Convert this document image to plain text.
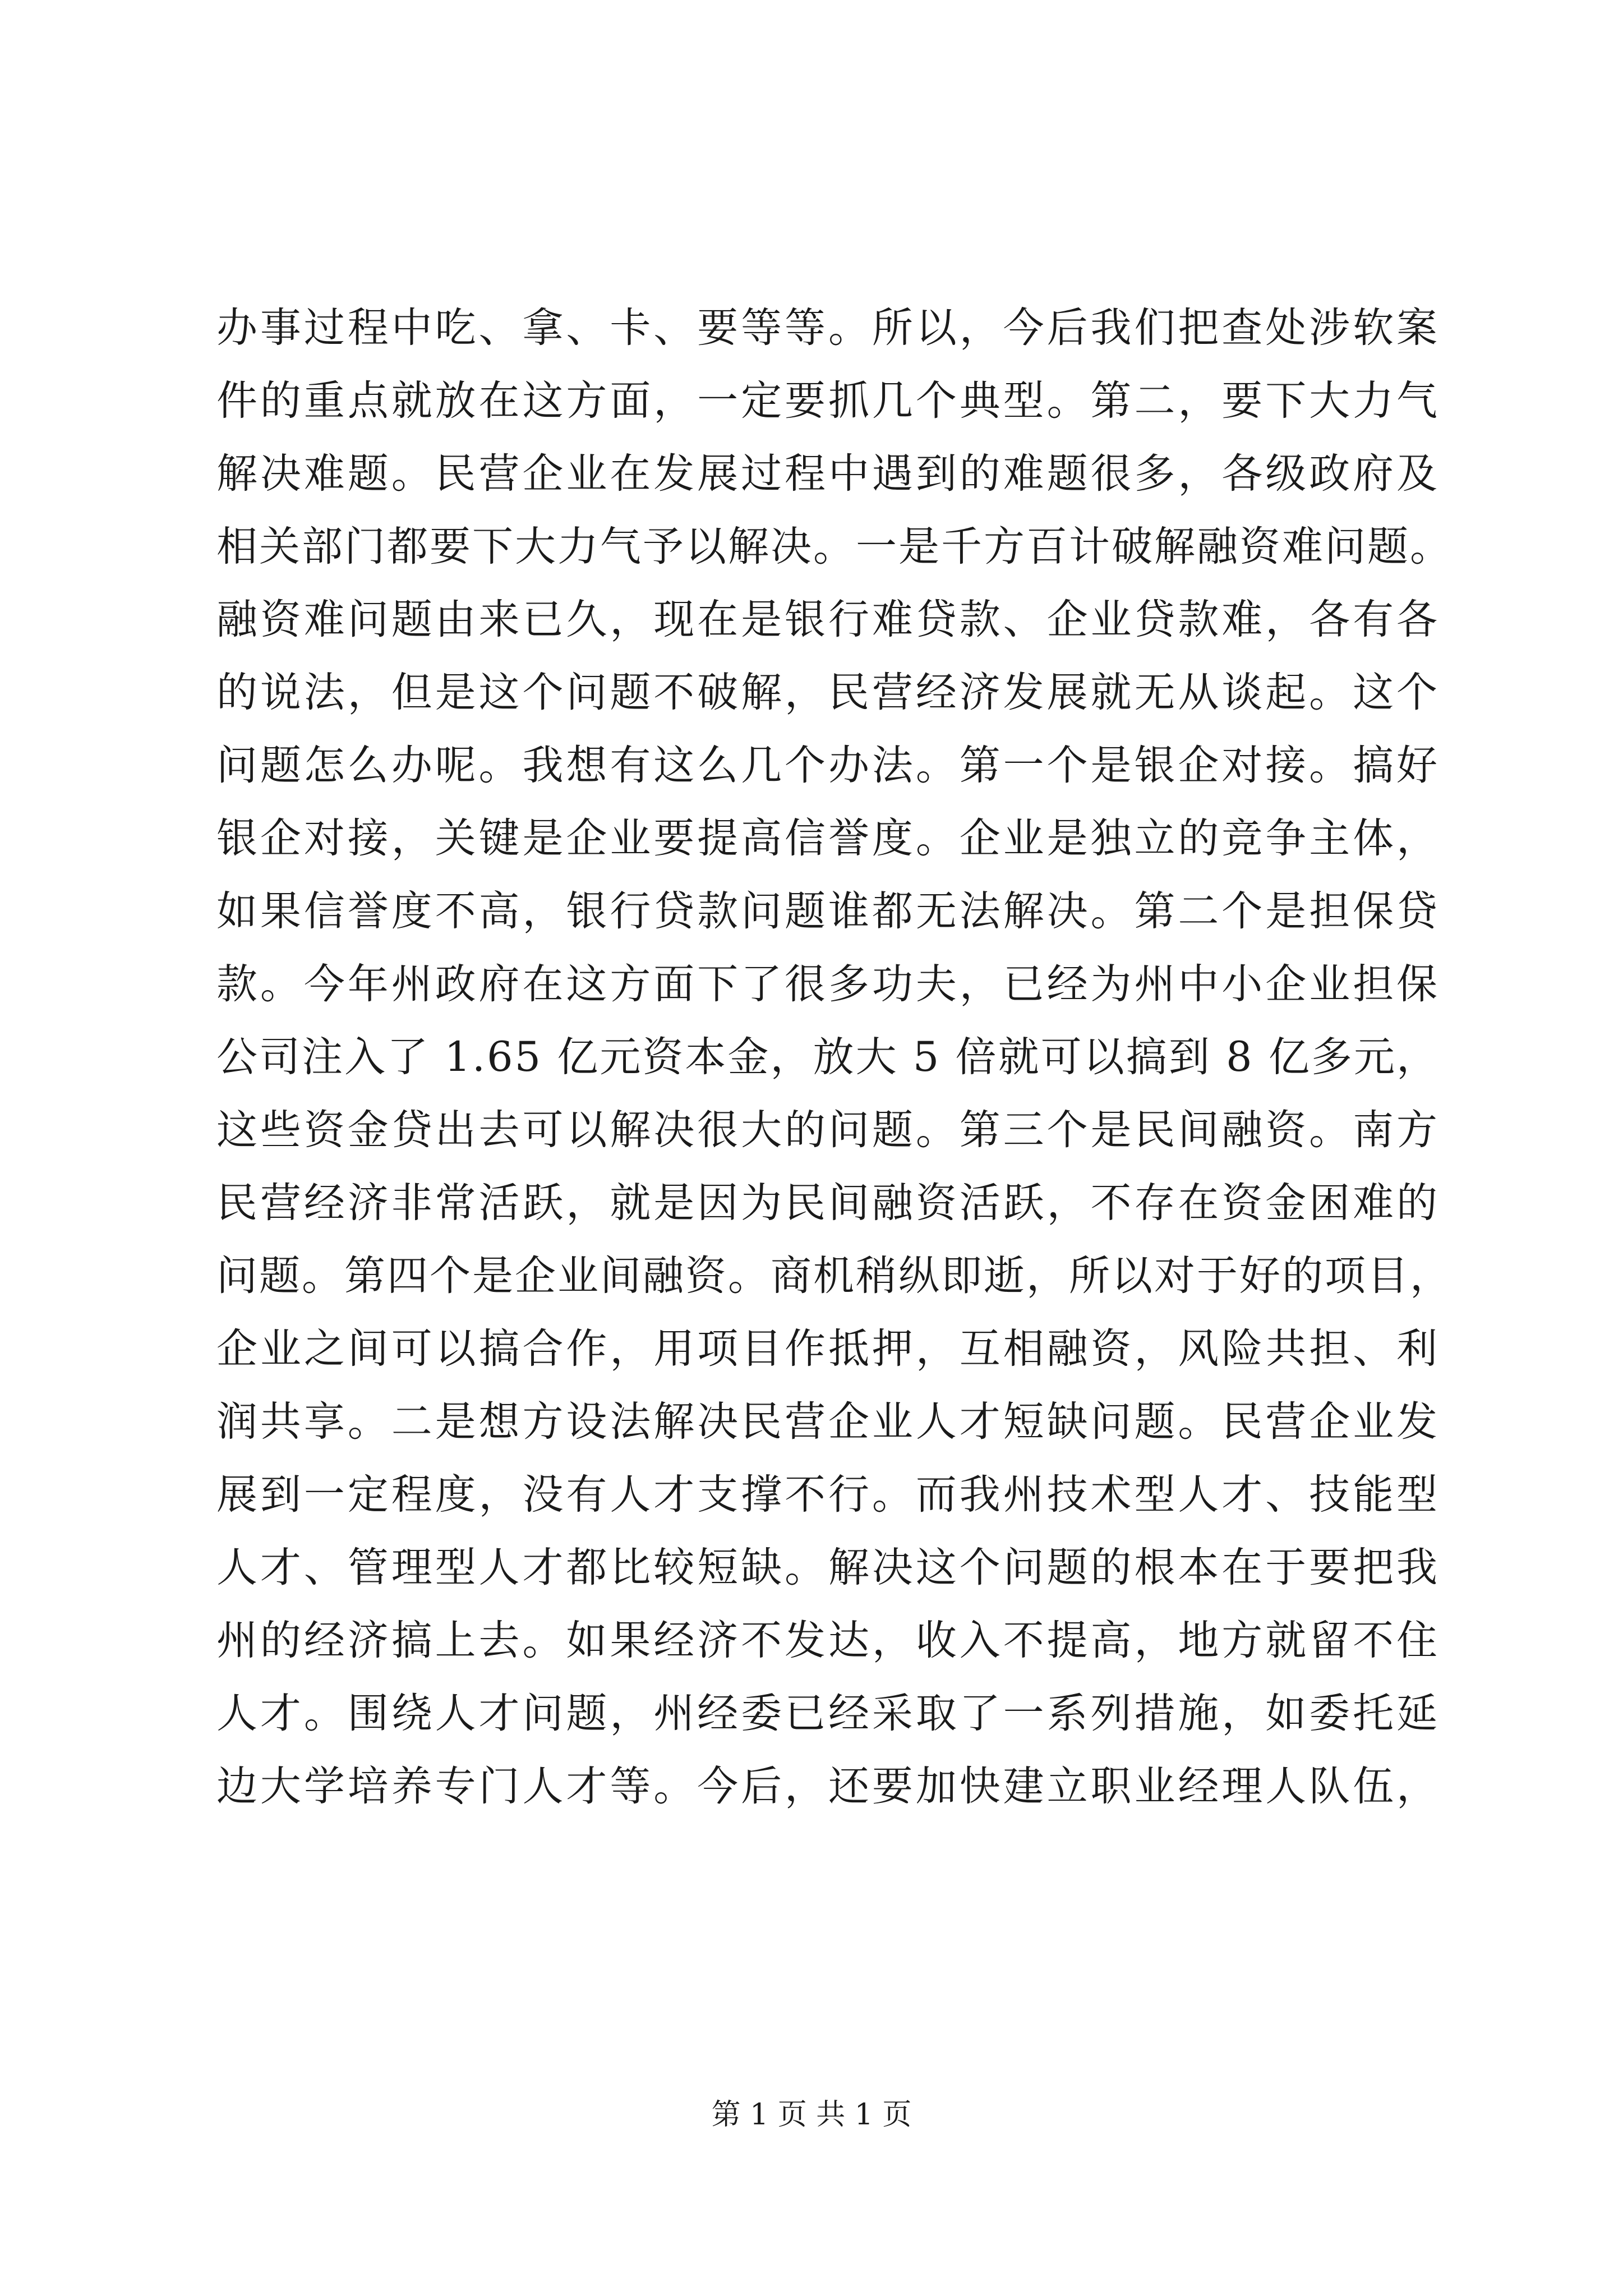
办事过程中吃、拿、卡、要等等。所以，今后我们把查处涉软案
件的重点就放在这方面，一定要抓几个典型。第二，要下大力气
解决难题。民营企业在发展过程中遇到的难题很多，各级政府及
相关部门都要下大力气予以解决。一是千方百计破解融资难问题。
融资难问题由来已久，现在是银行难贷款、企业贷款难，各有各
的说法，但是这个问题不破解，民营经济发展就无从谈起。这个
问题怎么办呢。我想有这么几个办法。第一个是银企对接。搞好
银企对接，关键是企业要提高信誉度。企业是独立的竞争主体，
如果信誉度不高，银行贷款问题谁都无法解决。第二个是担保贷
款。今年州政府在这方面下了很多功夫，已经为州中小企业担保
公司注入了 1.65 亿元资本金，放大 5 倍就可以搞到 8 亿多元，
这些资金贷出去可以解决很大的问题。第三个是民间融资。南方
民营经济非常活跃，就是因为民间融资活跃，不存在资金困难的
问题。第四个是企业间融资。商机稍纵即逝，所以对于好的项目，
企业之间可以搞合作，用项目作抵押，互相融资，风险共担、利
润共享。二是想方设法解决民营企业人才短缺问题。民营企业发
展到一定程度，没有人才支撑不行。而我州技术型人才、技能型
人才、管理型人才都比较短缺。解决这个问题的根本在于要把我
州的经济搞上去。如果经济不发达，收入不提高，地方就留不住
人才。围绕人才问题，州经委已经采取了一系列措施，如委托延
边大学培养专门人才等。今后，还要加快建立职业经理人队伍，
第 1 页 共 1 页
